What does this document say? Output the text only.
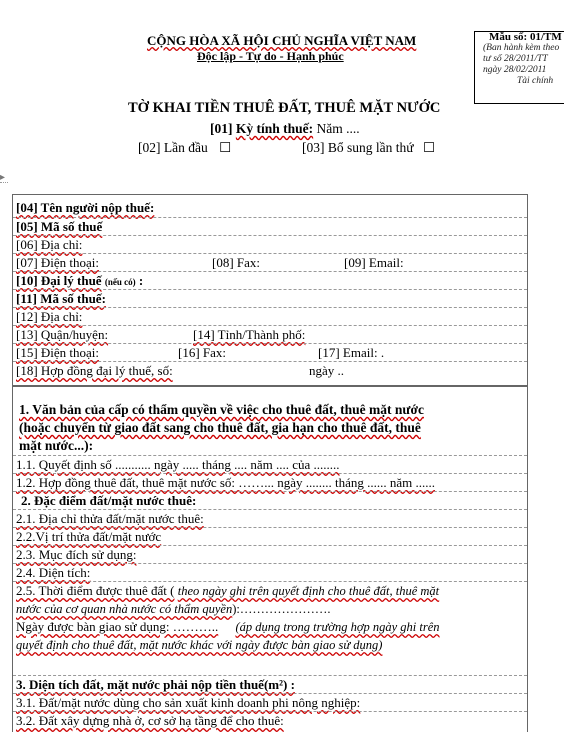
CỘNG HÒA XÃ HỘI CHỦ NGHĨA VIỆT NAM
Độc lập - Tự do - Hạnh phúc
Mẫu số: 01/TM
(Ban hành kèm theo
tư số 28/2011/TT
ngày 28/02/2011
Tài chính
TỜ KHAI TIỀN THUÊ ĐẤT, THUÊ MẶT NƯỚC
[01] Kỳ tính thuế: Năm ....
[02] Lần đầu ☐	[03] Bổ sung lần thứ ☐
▸
[04] Tên người nộp thuế:
[05] Mã số thuế
[06] Địa chỉ:
[07] Điện thoại:	[08] Fax:	[09] Email:
[10] Đại lý thuế (nếu có) :
[11] Mã số thuế:
[12] Địa chỉ:
[13] Quận/huyện:	[14] Tỉnh/Thành phố:
[15] Điện thoại:	[16] Fax:	[17] Email: .
[18] Hợp đồng đại lý thuế, số:	ngày ..
1. Văn bản của cấp có thẩm quyền về việc cho thuê đất, thuê mặt nước
(hoặc chuyển từ giao đất sang cho thuê đất, gia hạn cho thuê đất, thuê
mặt nước...):
1.1. Quyết định số ........... ngày ..... tháng .... năm .... của ........
1.2. Hợp đồng thuê đất, thuê mặt nước số: ……... ngày ........ tháng ...... năm ......
2. Đặc điểm đất/mặt nước thuê:
2.1. Địa chỉ thửa đất/mặt nước thuê:
2.2.Vị trí thửa đất/mặt nước
2.3. Mục đích sử dụng:
2.4. Diện tích:
2.5. Thời điểm được thuê đất ( theo ngày ghi trên quyết định cho thuê đất, thuê mặt
nước của cơ quan nhà nước có thẩm quyền):………………….
Ngày được bàn giao sử dụng: ……….. (áp dụng trong trường hợp ngày ghi trên
quyết định cho thuê đất, mặt nước khác với ngày được bàn giao sử dụng)
3. Diện tích đất, mặt nước phải nộp tiền thuế(m²) :
3.1. Đất/mặt nước dùng cho sản xuất kinh doanh phi nông nghiệp:
3.2. Đất xây dựng nhà ở, cơ sở hạ tầng để cho thuê:
